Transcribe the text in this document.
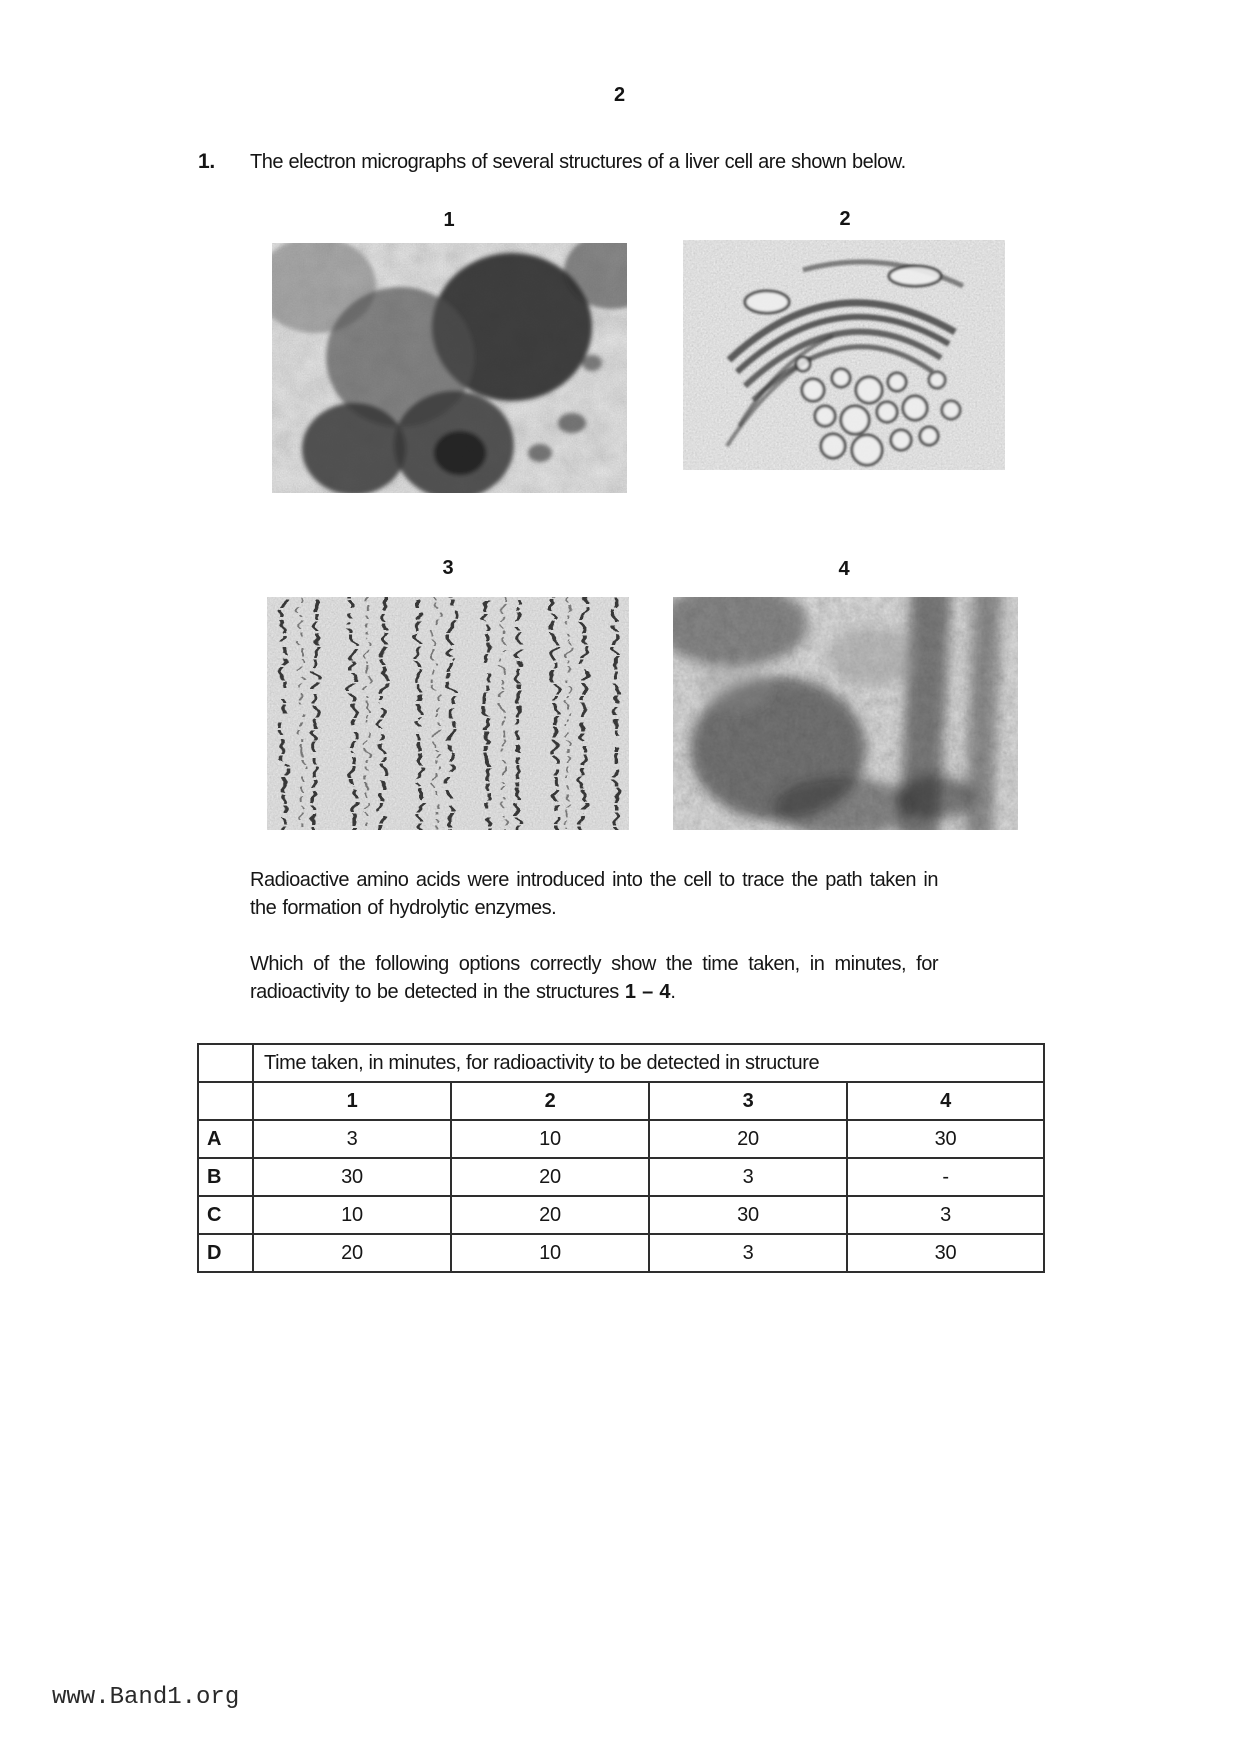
2
1. The electron micrographs of several structures of a liver cell are shown below.
1	2
3	4
Radioactive amino acids were introduced into the cell to trace the path taken in the formation of hydrolytic enzymes.
Which of the following options correctly show the time taken, in minutes, for radioactivity to be detected in the structures 1 – 4.
	Time taken, in minutes, for radioactivity to be detected in structure			
	1	2	3	4
A	3	10	20	30
B	30	20	3	-
C	10	20	30	3
D	20	10	3	30
www.Band1.org
